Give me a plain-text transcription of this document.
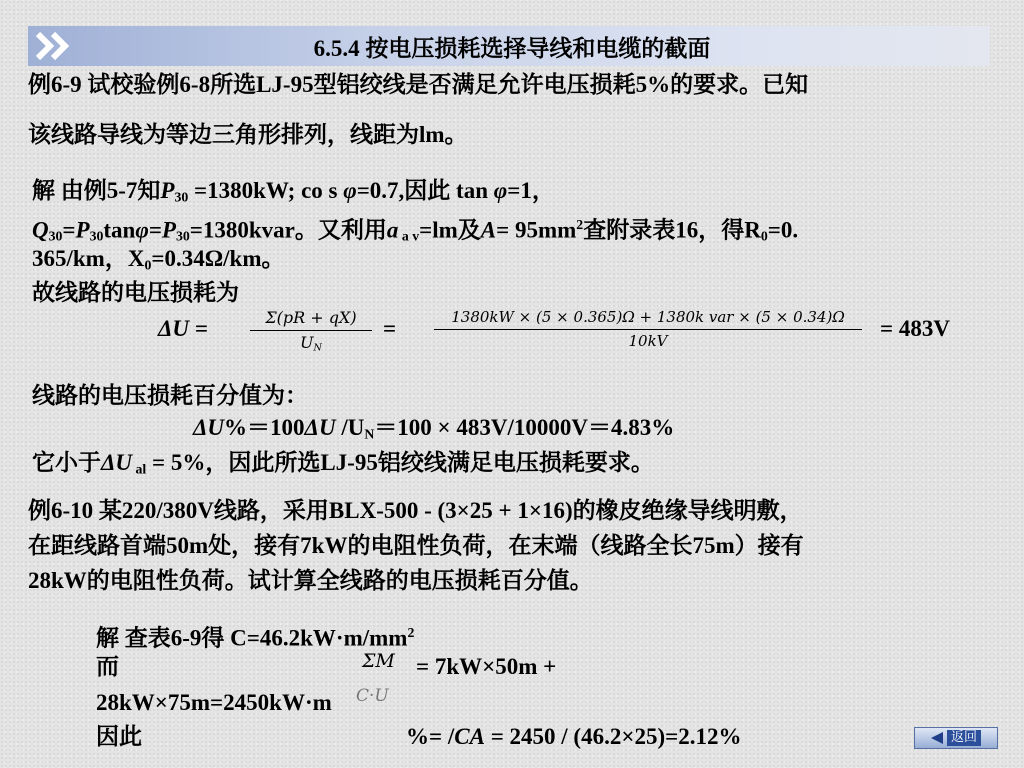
6.5.4 按电压损耗选择导线和电缆的截面
例6-9 试校验例6-8所选LJ-95型铝绞线是否满足允许电压损耗5%的要求。已知
该线路导线为等边三角形排列，线距为lm。
解 由例5-7知$P_{30} =1380kW$; co s φ=0.7,因此 tan φ=1，
$Q_{30}=P_{30}\tan\varphi=P_{30}=1380kvar$。又利用a $_{a v}$=lm及$A= 95mm^2$查附录表16，得$R_0=0$.
365/km，$X_0=0.34\Omega/km$。
故线路的电压损耗为
ΔU =	Σ(pR + qX)
$U_N$
=	1380kW × (5 × 0.365)Ω + 1380k var × (5 × 0.34)Ω
10kV	= 483V
线路的电压损耗百分值为：
ΔU%＝100ΔU $/U_N=100 \times 483V/10000V=4.83\%$
它小于ΔU $_{al}$ = 5%，因此所选LJ-95铝绞线满足电压损耗要求。
例6-10 某220/380V线路，采用BLX-500 - (3×25 + 1×16)的橡皮绝缘导线明敷，
在距线路首端50m处，接有7kW的电阻性负荷，在末端（线路全长75m）接有
28kW的电阻性负荷。试计算全线路的电压损耗百分值。
解 查表6-9得 $C=46.2kW\cdot m/mm^2$
而	ΣM = 7kW×50m +
C·U
28kW×75m=2450kW·m
因此	%= /CA = 2450 / (46.2×25)=2.12%	返回
